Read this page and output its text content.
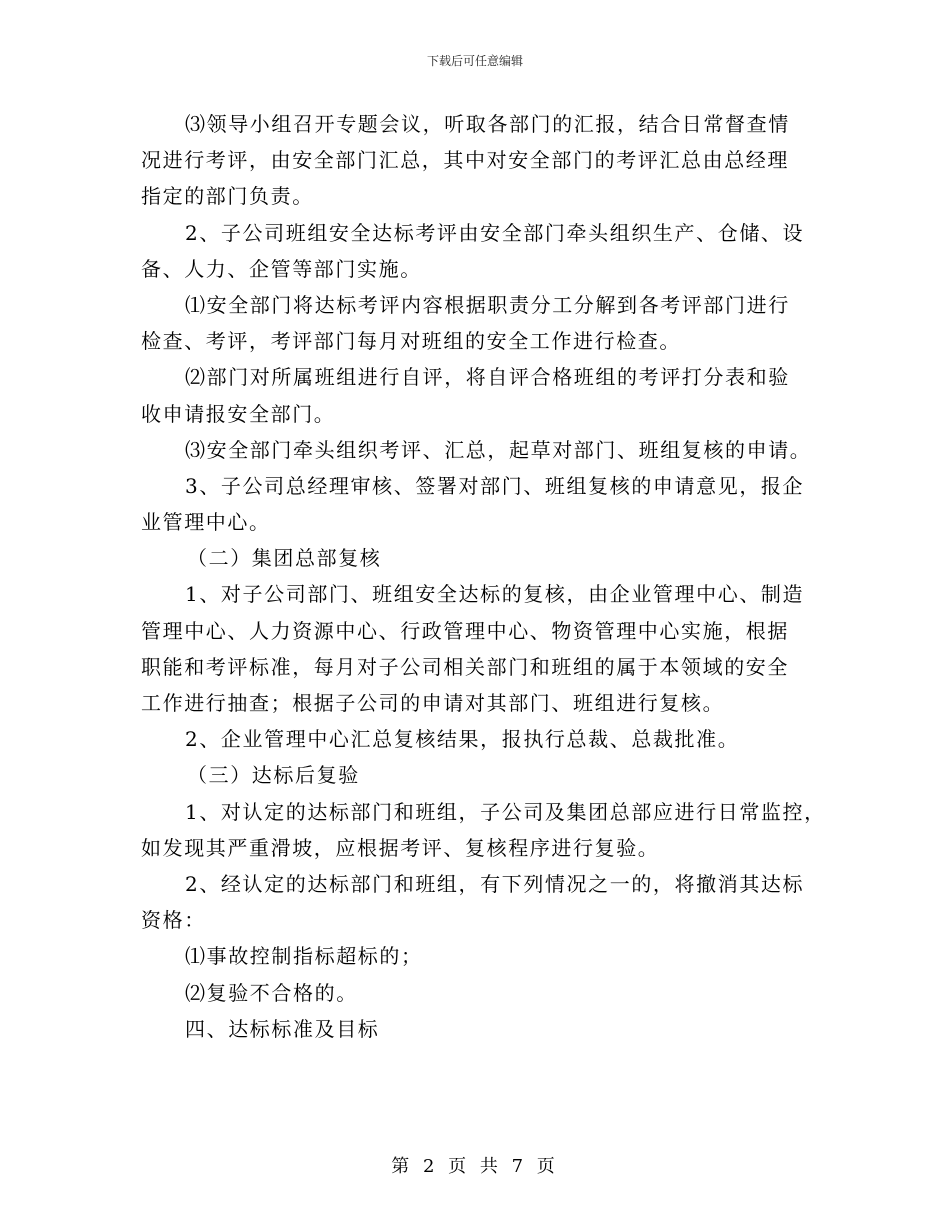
下载后可任意编辑
⑶领导小组召开专题会议，听取各部门的汇报，结合日常督查情
况进行考评，由安全部门汇总，其中对安全部门的考评汇总由总经理
指定的部门负责。
2、子公司班组安全达标考评由安全部门牵头组织生产、仓储、设
备、人力、企管等部门实施。
⑴安全部门将达标考评内容根据职责分工分解到各考评部门进行
检查、考评，考评部门每月对班组的安全工作进行检查。
⑵部门对所属班组进行自评，将自评合格班组的考评打分表和验
收申请报安全部门。
⑶安全部门牵头组织考评、汇总，起草对部门、班组复核的申请。
3、子公司总经理审核、签署对部门、班组复核的申请意见，报企
业管理中心。
（二）集团总部复核
1、对子公司部门、班组安全达标的复核，由企业管理中心、制造
管理中心、人力资源中心、行政管理中心、物资管理中心实施，根据
职能和考评标准，每月对子公司相关部门和班组的属于本领域的安全
工作进行抽查；根据子公司的申请对其部门、班组进行复核。
2、企业管理中心汇总复核结果，报执行总裁、总裁批准。
（三）达标后复验
1、对认定的达标部门和班组，子公司及集团总部应进行日常监控，
如发现其严重滑坡，应根据考评、复核程序进行复验。
2、经认定的达标部门和班组，有下列情况之一的，将撤消其达标
资格：
⑴事故控制指标超标的；
⑵复验不合格的。
四、达标标准及目标
第 2 页 共 7 页
